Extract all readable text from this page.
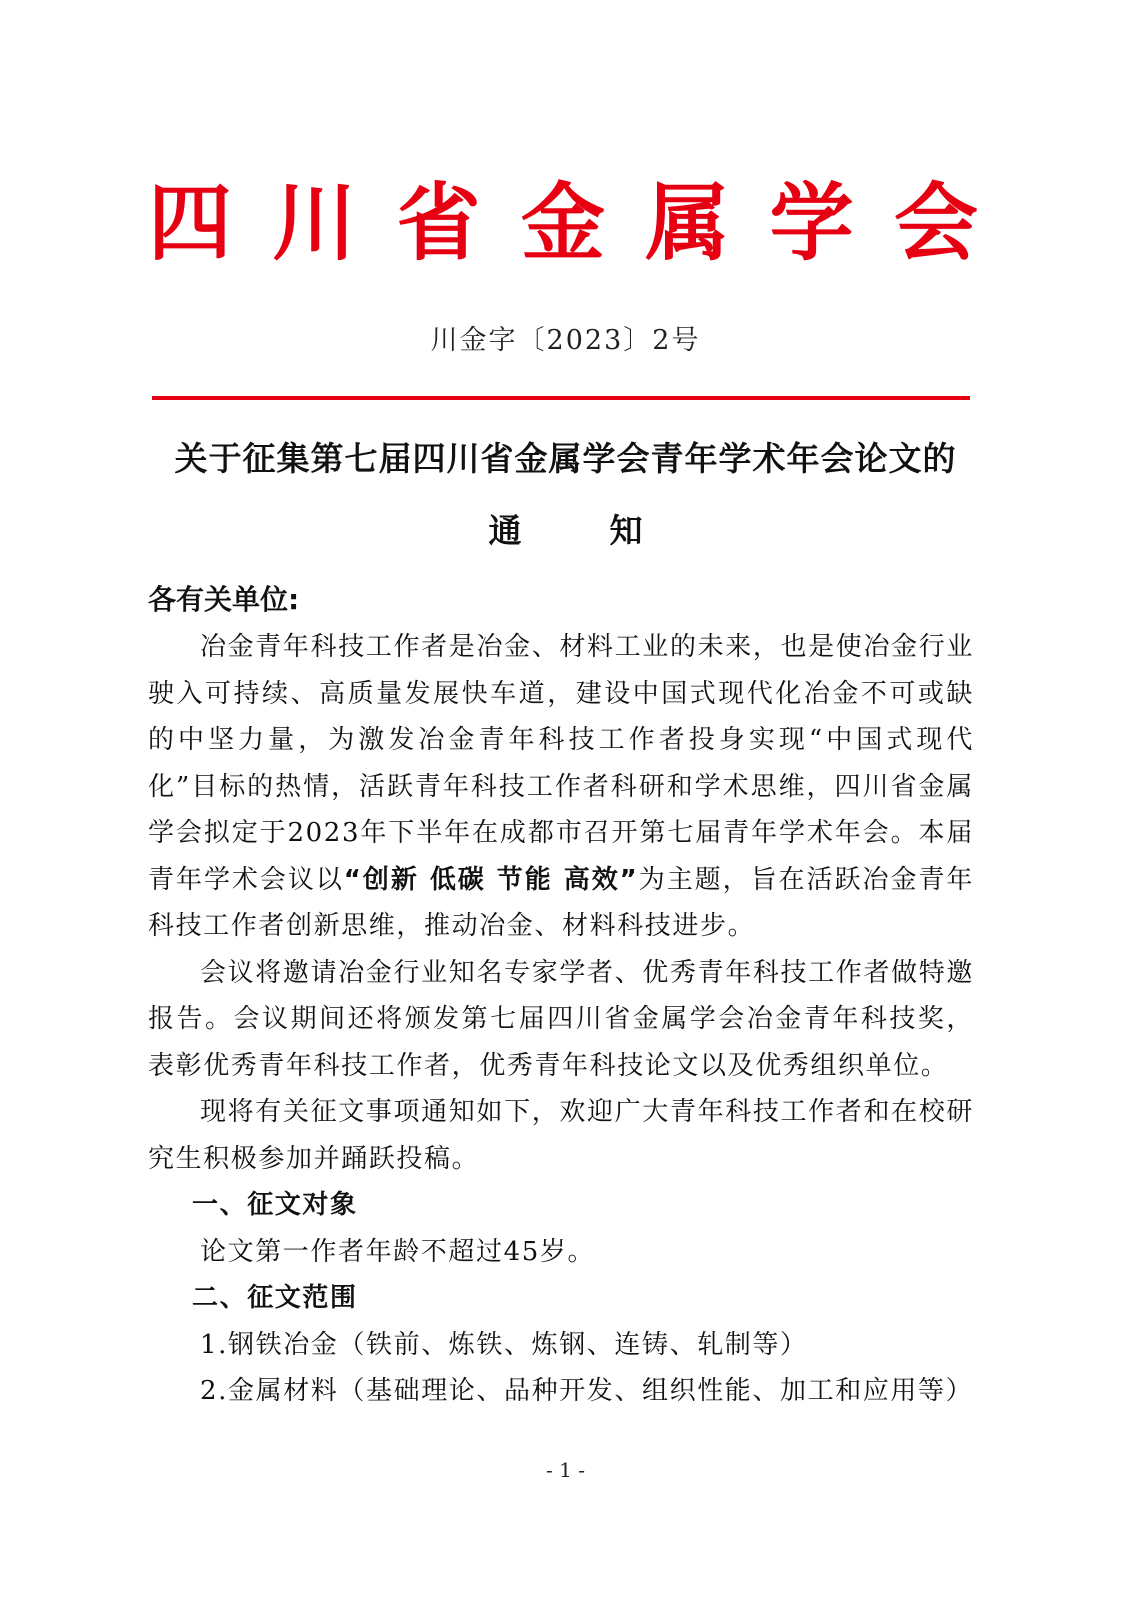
四 川 省 金 属 学 会
川金字〔2023〕2号
关于征集第七届四川省金属学会青年学术年会论文的
通	知
各有关单位:

冶金青年科技工作者是冶金、材料工业的未来，也是使冶金行业驶入可持续、高质量发展快车道，建设中国式现代化冶金不可或缺的中坚力量，为激发冶金青年科技工作者投身实现“中国式现代化”目标的热情，活跃青年科技工作者科研和学术思维，四川省金属学会拟定于2023年下半年在成都市召开第七届青年学术年会。本届青年学术会议以“创新 低碳 节能 高效”为主题，旨在活跃冶金青年科技工作者创新思维，推动冶金、材料科技进步。

会议将邀请冶金行业知名专家学者、优秀青年科技工作者做特邀报告。会议期间还将颁发第七届四川省金属学会冶金青年科技奖，表彰优秀青年科技工作者，优秀青年科技论文以及优秀组织单位。

现将有关征文事项通知如下，欢迎广大青年科技工作者和在校研究生积极参加并踊跃投稿。

一、征文对象

论文第一作者年龄不超过45岁。

二、征文范围

1.钢铁冶金（铁前、炼铁、炼钢、连铸、轧制等）

2.金属材料（基础理论、品种开发、组织性能、加工和应用等）

- 1 -
